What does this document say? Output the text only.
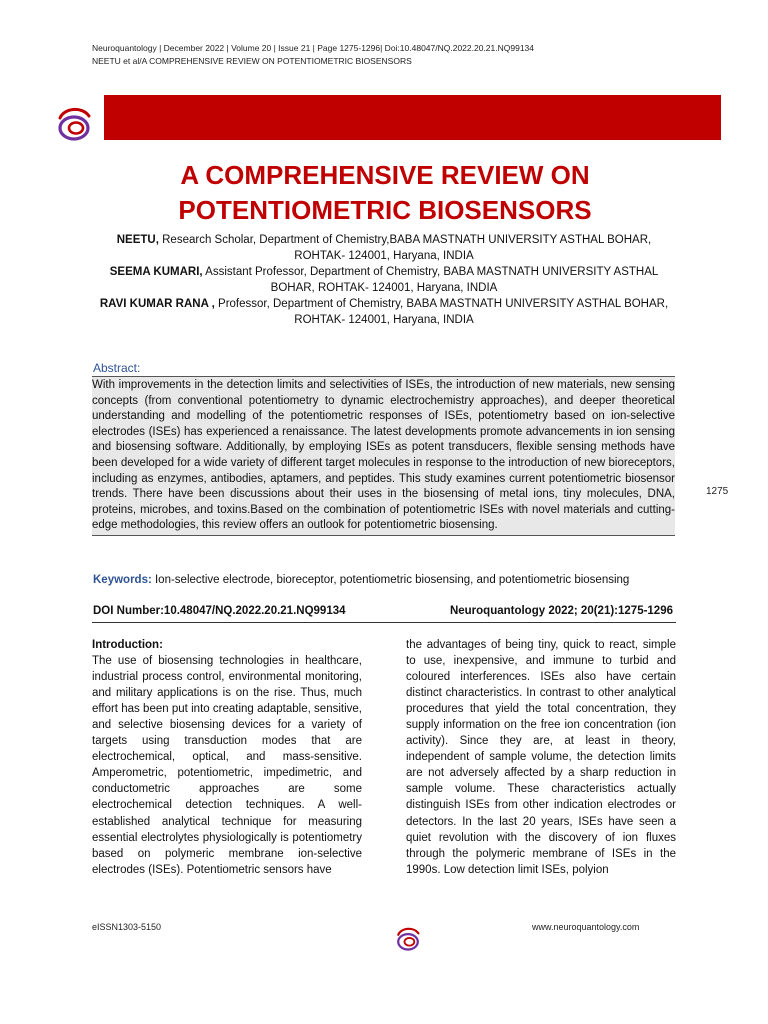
Neuroquantology | December 2022 | Volume 20 | Issue 21 | Page 1275-1296| Doi:10.48047/NQ.2022.20.21.NQ99134
NEETU et al/A COMPREHENSIVE REVIEW ON POTENTIOMETRIC BIOSENSORS
A COMPREHENSIVE REVIEW ON
POTENTIOMETRIC BIOSENSORS
NEETU, Research Scholar, Department of Chemistry,BABA MASTNATH UNIVERSITY ASTHAL BOHAR, ROHTAK- 124001, Haryana, INDIA
SEEMA KUMARI, Assistant Professor, Department of Chemistry, BABA MASTNATH UNIVERSITY ASTHAL BOHAR, ROHTAK- 124001, Haryana, INDIA
RAVI KUMAR RANA , Professor, Department of Chemistry, BABA MASTNATH UNIVERSITY ASTHAL BOHAR, ROHTAK- 124001, Haryana, INDIA
Abstract:
With improvements in the detection limits and selectivities of ISEs, the introduction of new materials, new sensing concepts (from conventional potentiometry to dynamic electrochemistry approaches), and deeper theoretical understanding and modelling of the potentiometric responses of ISEs, potentiometry based on ion-selective electrodes (ISEs) has experienced a renaissance. The latest developments promote advancements in ion sensing and biosensing software. Additionally, by employing ISEs as potent transducers, flexible sensing methods have been developed for a wide variety of different target molecules in response to the introduction of new bioreceptors, including as enzymes, antibodies, aptamers, and peptides. This study examines current potentiometric biosensor trends. There have been discussions about their uses in the biosensing of metal ions, tiny molecules, DNA, proteins, microbes, and toxins.Based on the combination of potentiometric ISEs with novel materials and cutting-edge methodologies, this review offers an outlook for potentiometric biosensing.
1275
Keywords: Ion-selective electrode, bioreceptor, potentiometric biosensing, and potentiometric biosensing
DOI Number:10.48047/NQ.2022.20.21.NQ99134	Neuroquantology 2022; 20(21):1275-1296
Introduction:
The use of biosensing technologies in healthcare, industrial process control, environmental monitoring, and military applications is on the rise. Thus, much effort has been put into creating adaptable, sensitive, and selective biosensing devices for a variety of targets using transduction modes that are electrochemical, optical, and mass-sensitive. Amperometric, potentiometric, impedimetric, and conductometric approaches are some electrochemical detection techniques. A well-established analytical technique for measuring essential electrolytes physiologically is potentiometry based on polymeric membrane ion-selective electrodes (ISEs). Potentiometric sensors have
the advantages of being tiny, quick to react, simple to use, inexpensive, and immune to turbid and coloured interferences. ISEs also have certain distinct characteristics. In contrast to other analytical procedures that yield the total concentration, they supply information on the free ion concentration (ion activity). Since they are, at least in theory, independent of sample volume, the detection limits are not adversely affected by a sharp reduction in sample volume. These characteristics actually distinguish ISEs from other indication electrodes or detectors. In the last 20 years, ISEs have seen a quiet revolution with the discovery of ion fluxes through the polymeric membrane of ISEs in the 1990s. Low detection limit ISEs, polyion
eISSN1303-5150	www.neuroquantology.com
